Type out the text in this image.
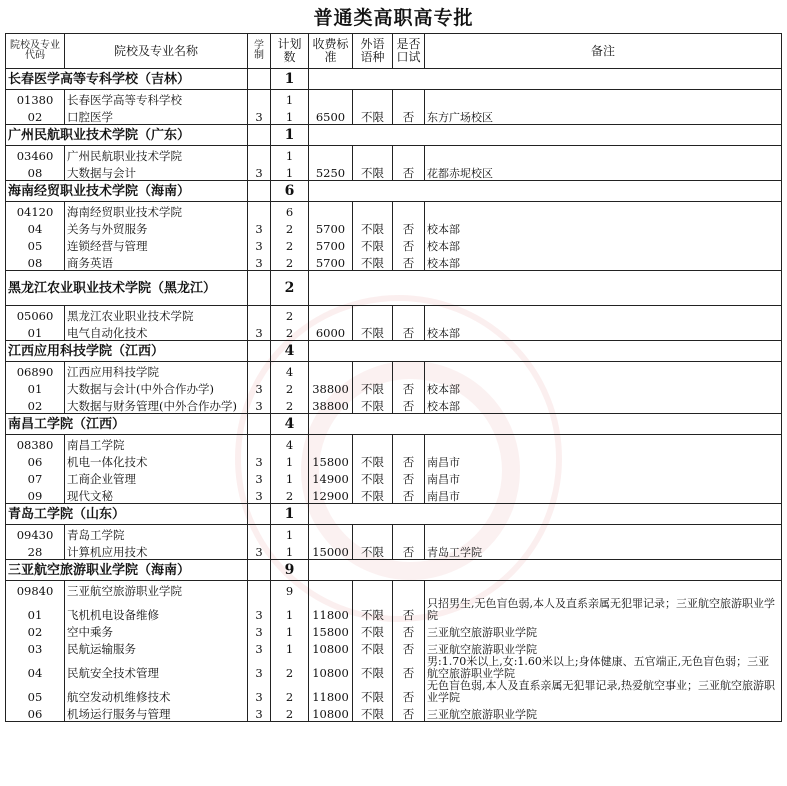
普通类高职高专批
院校及专业代码	院校及专业名称	学制	计划数	收费标准	外语语种	是否口试	备注
长春医学高等专科学校（吉林）			1				
01380	长春医学高等专科学校		1				
02	口腔医学	3	1	6500	不限	否	东方广场校区
广州民航职业技术学院（广东）			1				
03460	广州民航职业技术学院		1				
08	大数据与会计	3	1	5250	不限	否	花都赤坭校区
海南经贸职业技术学院（海南）			6				
04120	海南经贸职业技术学院		6				
04	关务与外贸服务	3	2	5700	不限	否	校本部
05	连锁经营与管理	3	2	5700	不限	否	校本部
08	商务英语	3	2	5700	不限	否	校本部
黑龙江农业职业技术学院（黑龙江）			2				
05060	黑龙江农业职业技术学院		2				
01	电气自动化技术	3	2	6000	不限	否	校本部
江西应用科技学院（江西）			4				
06890	江西应用科技学院		4				
01	大数据与会计(中外合作办学)	3	2	38800	不限	否	校本部
02	大数据与财务管理(中外合作办学)	3	2	38800	不限	否	校本部
南昌工学院（江西）			4				
08380	南昌工学院		4				
06	机电一体化技术	3	1	15800	不限	否	南昌市
07	工商企业管理	3	1	14900	不限	否	南昌市
09	现代文秘	3	2	12900	不限	否	南昌市
青岛工学院（山东）			1				
09430	青岛工学院		1				
28	计算机应用技术	3	1	15000	不限	否	青岛工学院
三亚航空旅游职业学院（海南）			9				
09840	三亚航空旅游职业学院		9				
01	飞机机电设备维修	3	1	11800	不限	否	只招男生,无色盲色弱,本人及直系亲属无犯罪记录；三亚航空旅游职业学院
02	空中乘务	3	1	15800	不限	否	三亚航空旅游职业学院
03	民航运输服务	3	1	10800	不限	否	三亚航空旅游职业学院
04	民航安全技术管理	3	2	10800	不限	否	男:1.70米以上,女:1.60米以上;身体健康、五官端正,无色盲色弱；三亚航空旅游职业学院
05	航空发动机维修技术	3	2	11800	不限	否	无色盲色弱,本人及直系亲属无犯罪记录,热爱航空事业；三亚航空旅游职业学院
06	机场运行服务与管理	3	2	10800	不限	否	三亚航空旅游职业学院
